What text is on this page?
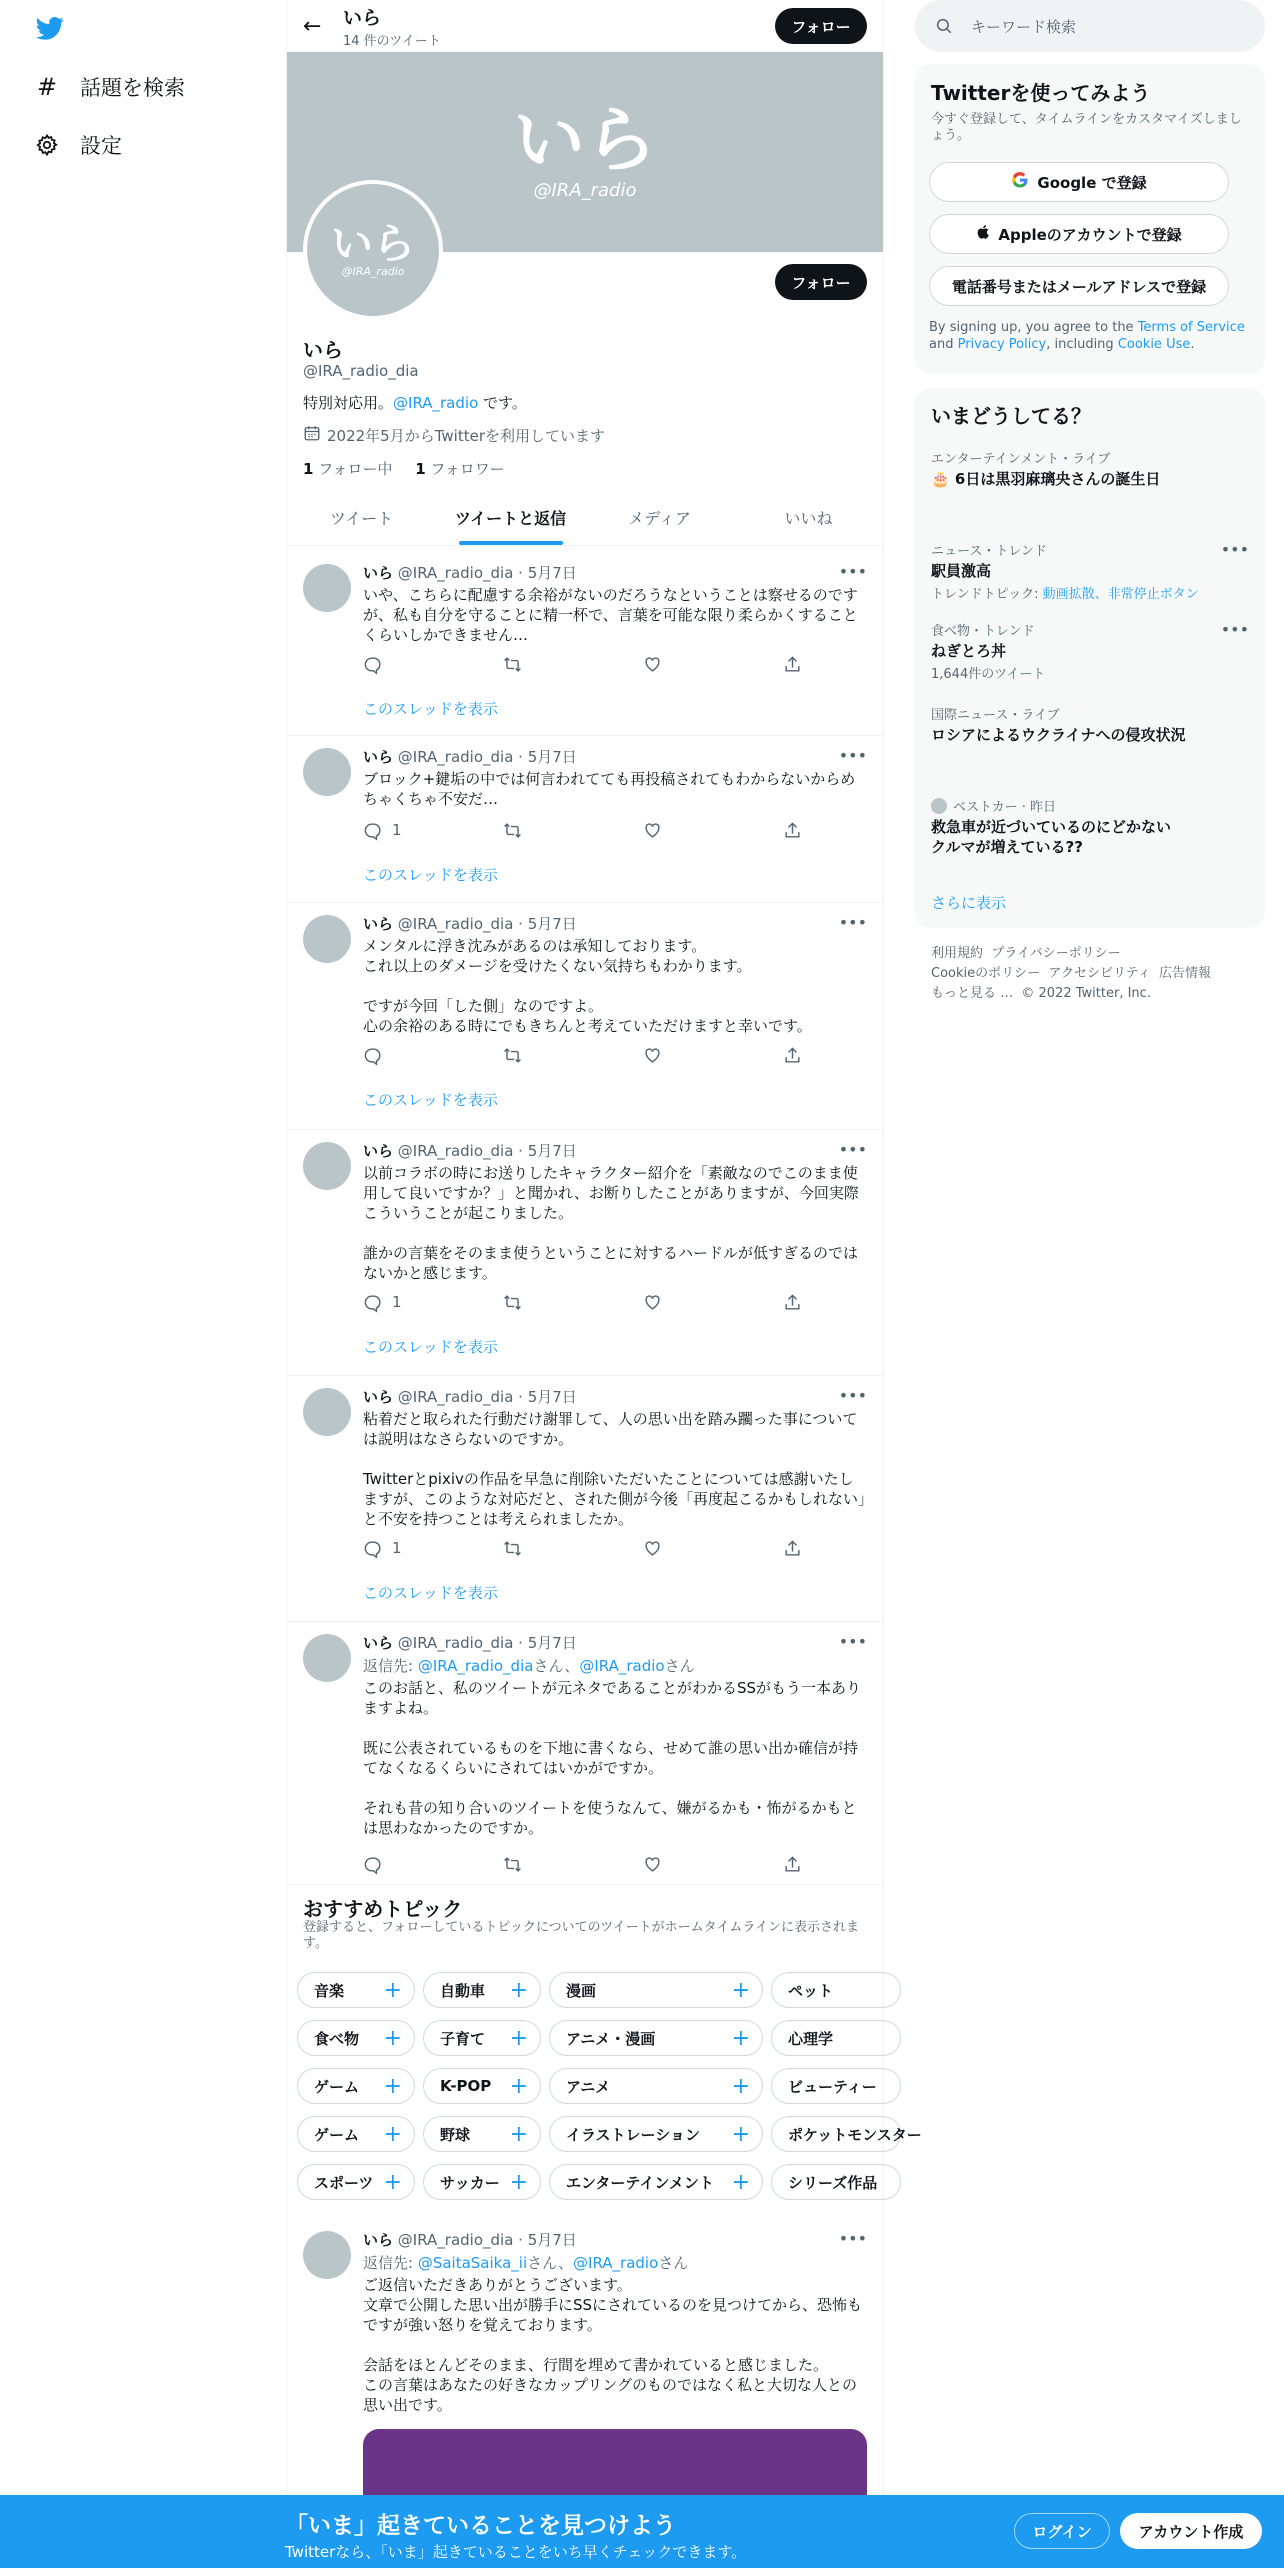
# 話題を検索
設定
←	いら
14 件のツイート
フォロー
いら
@IRA_radio
いら
@IRA_radio
フォロー
いら
@IRA_radio_dia
特別対応用。@IRA_radio です。
2022年5月からTwitterを利用しています
1 フォロー中 1 フォロワー
ツイート	ツイートと返信	メディア	いいね
•••
いら @IRA_radio_dia · 5月7日
いや、こちらに配慮する余裕がないのだろうなということは察せるのですが、私も自分を守ることに精一杯で、言葉を可能な限り柔らかくすることくらいしかできません…
このスレッドを表示
•••
いら @IRA_radio_dia · 5月7日
ブロック+鍵垢の中では何言われてても再投稿されてもわからないからめちゃくちゃ不安だ…
1
このスレッドを表示
•••
いら @IRA_radio_dia · 5月7日
メンタルに浮き沈みがあるのは承知しております。
これ以上のダメージを受けたくない気持ちもわかります。

ですが今回「した側」なのですよ。
心の余裕のある時にでもきちんと考えていただけますと幸いです。
このスレッドを表示
•••
いら @IRA_radio_dia · 5月7日
以前コラボの時にお送りしたキャラクター紹介を「素敵なのでこのまま使用して良いですか？」と聞かれ、お断りしたことがありますが、今回実際こういうことが起こりました。

誰かの言葉をそのまま使うということに対するハードルが低すぎるのではないかと感じます。
1
このスレッドを表示
•••
いら @IRA_radio_dia · 5月7日
粘着だと取られた行動だけ謝罪して、人の思い出を踏み躙った事については説明はなさらないのですか。

Twitterとpixivの作品を早急に削除いただいたことについては感謝いたしますが、このような対応だと、された側が今後「再度起こるかもしれない」と不安を持つことは考えられましたか。
1
このスレッドを表示
•••
いら @IRA_radio_dia · 5月7日
返信先: @IRA_radio_diaさん、@IRA_radioさん
このお話と、私のツイートが元ネタであることがわかるSSがもう一本ありますよね。

既に公表されているものを下地に書くなら、せめて誰の思い出か確信が持てなくなるくらいにされてはいかがですか。

それも昔の知り合いのツイートを使うなんて、嫌がるかも・怖がるかもとは思わなかったのですか。
•••
いら @IRA_radio_dia · 5月7日
返信先: @SaitaSaika_iiさん、@IRA_radioさん
ご返信いただきありがとうございます。
文章で公開した思い出が勝手にSSにされているのを見つけてから、恐怖もですが強い怒りを覚えております。

会話をほとんどそのまま、行間を埋めて書かれていると感じました。
この言葉はあなたの好きなカップリングのものではなく私と大切な人との思い出です。
おすすめトピック
登録すると、フォローしているトピックについてのツイートがホームタイムラインに表示されます。
音楽 +	自動車 +	漫画	+	ペット
食べ物 +	子育て +	アニメ・漫画	+	心理学
ゲーム +	K-POP +	アニメ	+	ビューティー
ゲーム +	野球 +	イラストレーション +	ポケットモンスター
スポーツ +	サッカー +	エンターテインメント +	シリーズ作品
キーワード検索
Twitterを使ってみよう
今すぐ登録して、タイムラインをカスタマイズしましょう。
Google で登録
Appleのアカウントで登録
電話番号またはメールアドレスで登録
By signing up, you agree to the Terms of Service and Privacy Policy, including Cookie Use.
いまどうしてる？
エンターテインメント・ライブ
🎂 6日は黒羽麻璃央さんの誕生日
ニュース・トレンド	•••
駅員激高
トレンドトピック: 動画拡散、非常停止ボタン
食べ物・トレンド	•••
ねぎとろ丼
1,644件のツイート
国際ニュース・ライブ
ロシアによるウクライナへの侵攻状況
ベストカー · 昨日
救急車が近づいているのにどかないクルマが増えている??
さらに表示
利用規約 プライバシーポリシー
Cookieのポリシー アクセシビリティ 広告情報
もっと見る … © 2022 Twitter, Inc.
「いま」起きていることを見つけよう
Twitterなら、「いま」起きていることをいち早くチェックできます。
ログイン	アカウント作成
